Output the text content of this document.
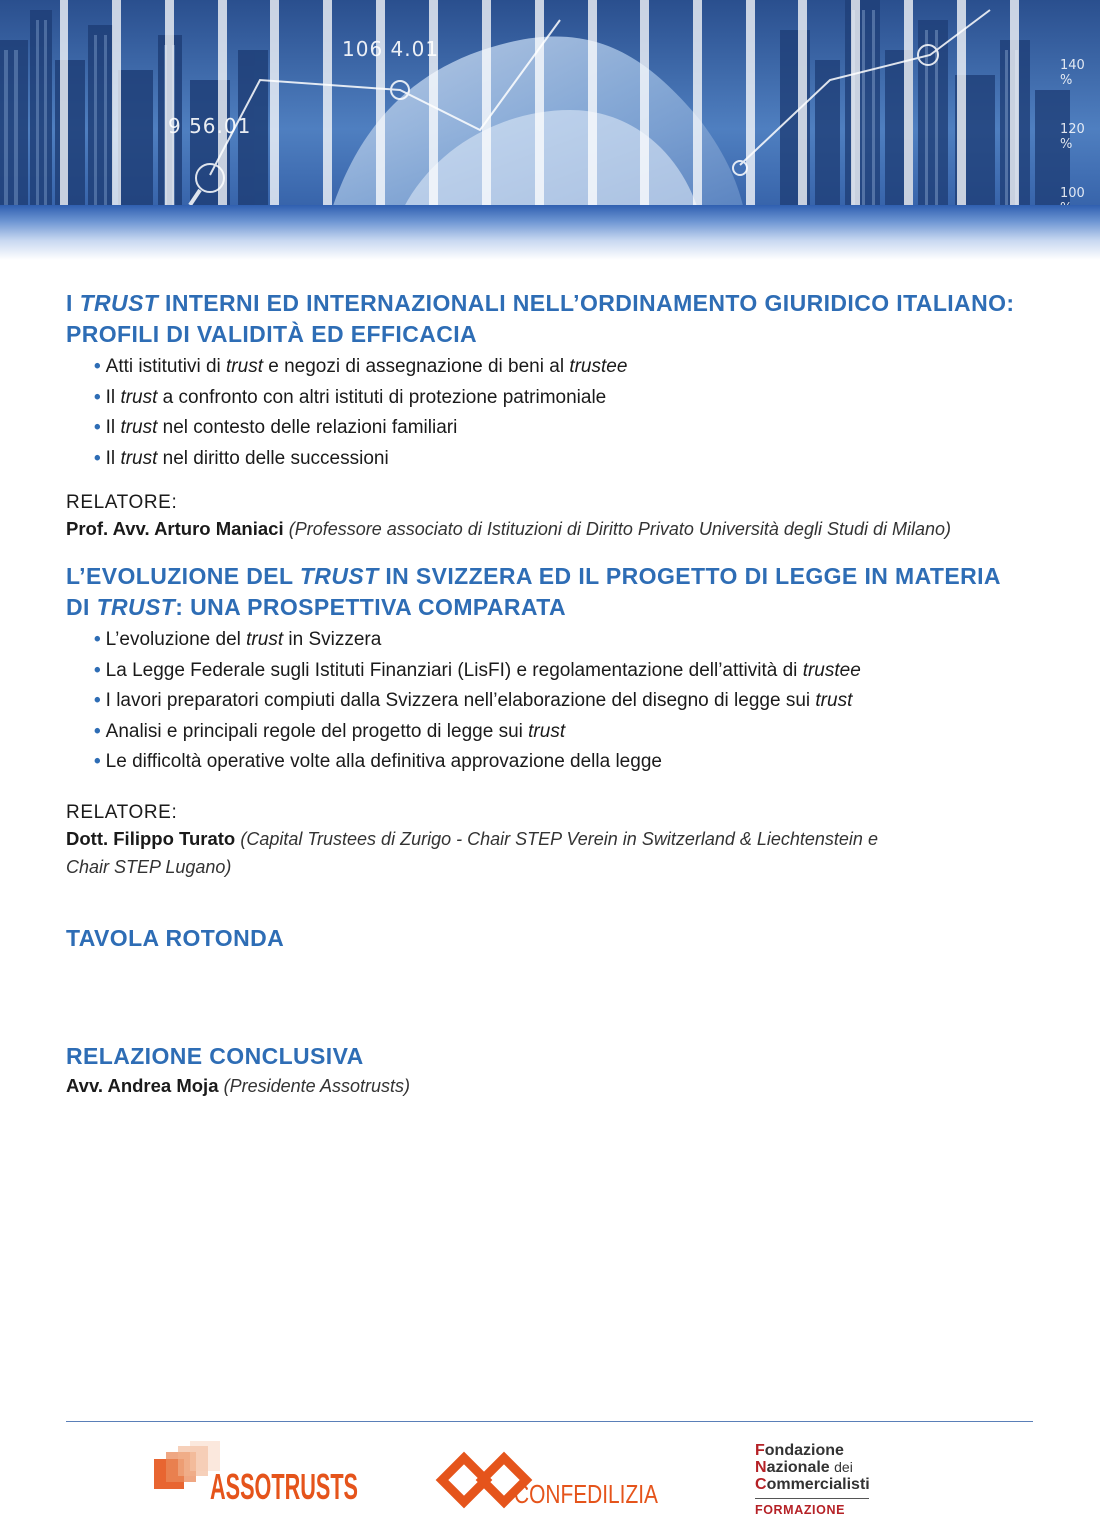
106 4.01
9 56.01
140 %
120 %
100
I TRUST INTERNI ED INTERNAZIONALI NELL’ORDINAMENTO GIURIDICO ITALIANO:
PROFILI DI VALIDITÀ ED EFFICACIA
• Atti istitutivi di trust e negozi di assegnazione di beni al trustee
• Il trust a confronto con altri istituti di protezione patrimoniale
• Il trust nel contesto delle relazioni familiari
• Il trust nel diritto delle successioni
RELATORE:
Prof. Avv. Arturo Maniaci (Professore associato di Istituzioni di Diritto Privato Università degli Studi di Milano)
L’EVOLUZIONE DEL TRUST IN SVIZZERA ED IL PROGETTO DI LEGGE IN MATERIA
DI TRUST: UNA PROSPETTIVA COMPARATA
• L’evoluzione del trust in Svizzera
• La Legge Federale sugli Istituti Finanziari (LisFI) e regolamentazione dell’attività di trustee
• I lavori preparatori compiuti dalla Svizzera nell’elaborazione del disegno di legge sui trust
• Analisi e principali regole del progetto di legge sui trust
• Le difficoltà operative volte alla definitiva approvazione della legge
RELATORE:
Dott. Filippo Turato (Capital Trustees di Zurigo - Chair STEP Verein in Switzerland & Liechtenstein e
Chair STEP Lugano)
TAVOLA ROTONDA
RELAZIONE CONCLUSIVA
Avv. Andrea Moja (Presidente Assotrusts)
ASSOTRUSTS	CONFEDILIZIA
Fondazione
Nazionale dei
Commercialisti
FORMAZIONE
